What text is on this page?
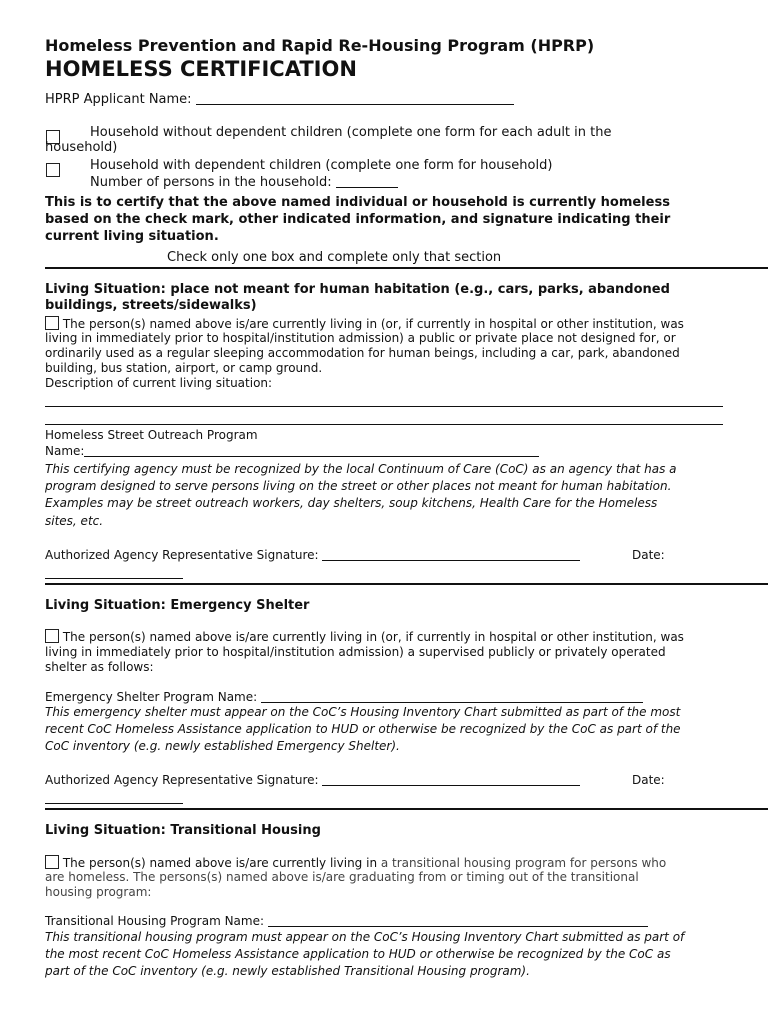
Homeless Prevention and Rapid Re-Housing Program (HPRP)
HOMELESS CERTIFICATION
HPRP Applicant Name:
Household without dependent children (complete one form for each adult in the
household)
Household with dependent children (complete one form for household)
Number of persons in the household:
This is to certify that the above named individual or household is currently homeless
based on the check mark, other indicated information, and signature indicating their
current living situation.
Check only one box and complete only that section
Living Situation: place not meant for human habitation (e.g., cars, parks, abandoned
buildings, streets/sidewalks)
The person(s) named above is/are currently living in (or, if currently in hospital or other institution, was
living in immediately prior to hospital/institution admission) a public or private place not designed for, or
ordinarily used as a regular sleeping accommodation for human beings, including a car, park, abandoned
building, bus station, airport, or camp ground.
Description of current living situation:
Homeless Street Outreach Program
Name:
This certifying agency must be recognized by the local Continuum of Care (CoC) as an agency that has a
program designed to serve persons living on the street or other places not meant for human habitation.
Examples may be street outreach workers, day shelters, soup kitchens, Health Care for the Homeless
sites, etc.
Authorized Agency Representative Signature:	Date:
Living Situation: Emergency Shelter
The person(s) named above is/are currently living in (or, if currently in hospital or other institution, was
living in immediately prior to hospital/institution admission) a supervised publicly or privately operated
shelter as follows:
Emergency Shelter Program Name:
This emergency shelter must appear on the CoC’s Housing Inventory Chart submitted as part of the most
recent CoC Homeless Assistance application to HUD or otherwise be recognized by the CoC as part of the
CoC inventory (e.g. newly established Emergency Shelter).
Authorized Agency Representative Signature:	Date:
Living Situation: Transitional Housing
The person(s) named above is/are currently living in a transitional housing program for persons who
are homeless. The persons(s) named above is/are graduating from or timing out of the transitional
housing program:
Transitional Housing Program Name:
This transitional housing program must appear on the CoC’s Housing Inventory Chart submitted as part of
the most recent CoC Homeless Assistance application to HUD or otherwise be recognized by the CoC as
part of the CoC inventory (e.g. newly established Transitional Housing program).
